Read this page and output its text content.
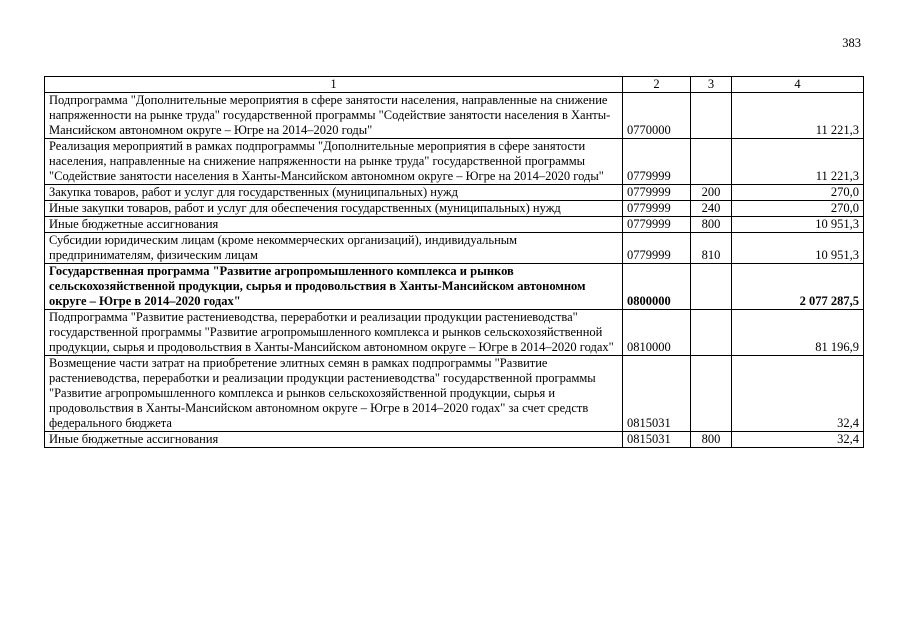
383
1	2	3	4
Подпрограмма "Дополнительные мероприятия в сфере занятости населения, направленные на снижение напряженности на рынке труда" государственной программы "Содействие занятости населения в Ханты-Мансийском автономном округе – Югре на 2014–2020 годы"	0770000		11 221,3
Реализация мероприятий в рамках подпрограммы "Дополнительные мероприятия в сфере занятости населения, направленные на снижение напряженности на рынке труда" государственной программы "Содействие занятости населения в Ханты-Мансийском автономном округе – Югре на 2014–2020 годы"	0779999		11 221,3
Закупка товаров, работ и услуг для государственных (муниципальных) нужд	0779999	200	270,0
Иные закупки товаров, работ и услуг для обеспечения государственных (муниципальных) нужд	0779999	240	270,0
Иные бюджетные ассигнования	0779999	800	10 951,3
Субсидии юридическим лицам (кроме некоммерческих организаций), индивидуальным предпринимателям, физическим лицам	0779999	810	10 951,3
Государственная программа "Развитие агропромышленного комплекса и рынков сельскохозяйственной продукции, сырья и продовольствия в Ханты-Мансийском автономном округе – Югре в 2014–2020 годах"	0800000		2 077 287,5
Подпрограмма "Развитие растениеводства, переработки и реализации продукции растениеводства" государственной программы "Развитие агропромышленного комплекса и рынков сельскохозяйственной продукции, сырья и продовольствия в Ханты-Мансийском автономном округе – Югре в 2014–2020 годах"	0810000		81 196,9
Возмещение части затрат на приобретение элитных семян в рамках подпрограммы "Развитие растениеводства, переработки и реализации продукции растениеводства" государственной программы "Развитие агропромышленного комплекса и рынков сельскохозяйственной продукции, сырья и продовольствия в Ханты-Мансийском автономном округе – Югре в 2014–2020 годах" за счет средств федерального бюджета	0815031		32,4
Иные бюджетные ассигнования	0815031	800	32,4
